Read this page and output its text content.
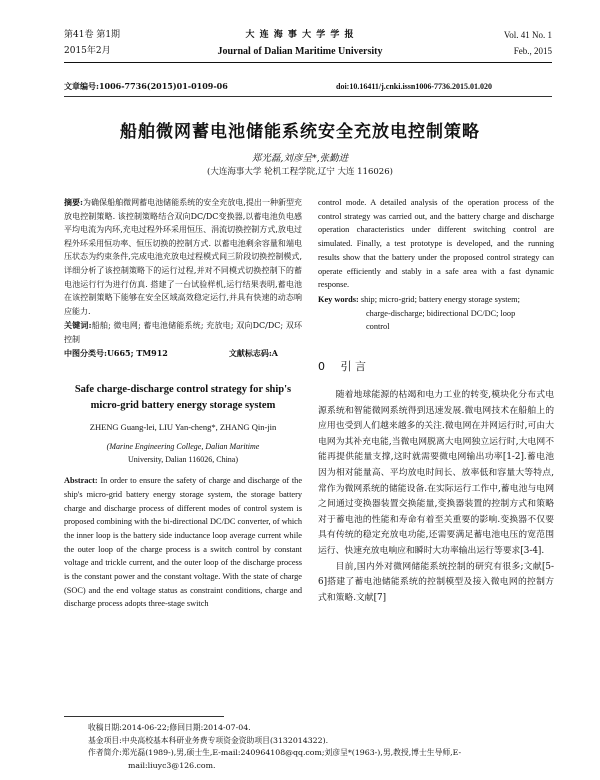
第41卷 第1期
2015年2月
大 连 海 事 大 学 学 报
Journal of Dalian Maritime University
Vol. 41 No. 1
Feb., 2015
文章编号:1006-7736(2015)01-0109-06	doi:10.16411/j.cnki.issn1006-7736.2015.01.020
船舶微网蓄电池储能系统安全充放电控制策略
郑光磊,刘彦呈*,张勤进
(大连海事大学 轮机工程学院,辽宁 大连 116026)

摘要:为确保船舶微网蓄电池储能系统的安全充放电,提出一种新型充放电控制策略. 该控制策略结合双向DC/DC变换器,以蓄电池负电感平均电流为内环,充电过程外环采用恒压、涓流切换控制方式,放电过程外环采用恒功率、恒压切换的控制方式. 以蓄电池剩余容量和端电压状态为约束条件,完成电池充放电过程模式间三阶段切换控制模式,详细分析了该控制策略下的运行过程,并对不同模式切换控制下的蓄电池运行行为进行仿真. 搭建了一台试验样机,运行结果表明,蓄电池在该控制策略下能够在安全区域高效稳定运行,并具有快速的动态响应能力.

关键词:船舶; 微电网; 蓄电池储能系统; 充放电; 双向DC/DC; 双环控制

中图分类号:U665; TM912	文献标志码:A
Safe charge-discharge control strategy for ship's micro-grid battery energy storage system
ZHENG Guang-lei, LIU Yan-cheng*, ZHANG Qin-jin
(Marine Engineering College, Dalian Maritime
University, Dalian 116026, China)

Abstract: In order to ensure the safety of charge and discharge of the ship's micro-grid battery energy storage system, the storage battery charge and discharge process of different modes of control system is proposed combining with the bi-directional DC/DC converter, of which the inner loop is the battery side inductance loop average current while the outer loop of the charge process is a switch control by constant voltage and trickle current, and the outer loop of the discharge process is the constant power and the constant voltage. With the state of charge (SOC) and the end voltage status as constraint conditions, charge and discharge process adopts three-stage switch

control mode. A detailed analysis of the operation process of the control strategy was carried out, and the battery charge and discharge operation characteristics under different switching control are simulated. Finally, a test prototype is developed, and the running results show that the battery under the proposed control strategy can operate efficiently and stably in a safe area with a fast dynamic response.

Key words: ship; micro-grid; battery energy storage system;
charge-discharge; bidirectional DC/DC; loop
control
0 引 言

随着地球能源的枯竭和电力工业的转变,模块化分布式电源系统和智能微网系统得到迅速发展.微电网技术在船舶上的应用也受到人们越来越多的关注.微电网在并网运行时,可由大电网为其补充电能,当微电网脱离大电网独立运行时,大电网不能再提供能量支撑,这时就需要微电网输出功率[1-2].蓄电池因为相对能量高、平均放电时间长、放率低和容量大等特点,常作为微网系统的储能设备.在实际运行工作中,蓄电池与电网之间通过变换器装置交换能量,变换器装置的控制方式和策略对于蓄电池的性能和寿命有着至关重要的影响.变换器不仅要具有传统的稳定充放电功能,还需要满足蓄电池电压的宽范围运行、快速充放电响应和瞬时大功率输出运行等要求[3-4].

目前,国内外对微网储能系统控制的研究有很多;文献[5-6]搭建了蓄电池储能系统的控制模型及接入微电网的控制方式和策略.文献[7]

收稿日期:2014-06-22;修回日期:2014-07-04.
基金项目:中央高校基本科研业务费专项资金资助项目(3132014322).
作者简介:郑光磊(1989-),男,硕士生,E-mail:240964108@qq.com;刘彦呈*(1963-),男,教授,博士生导师,E-
mail:liuyc3@126.com.
